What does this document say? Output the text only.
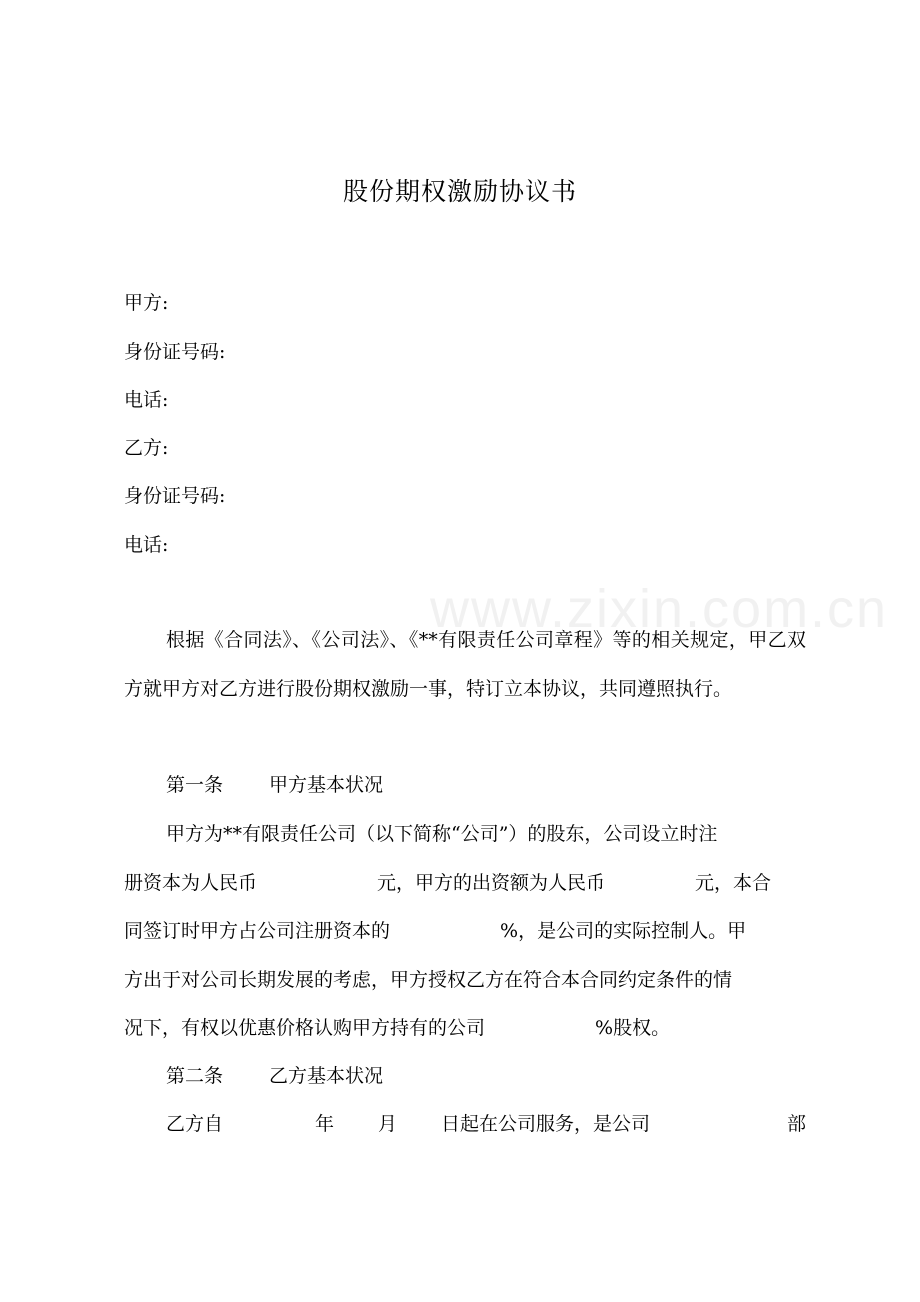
www.zixin.com.cn
股份期权激励协议书
甲方:
身份证号码:
电话:
乙方:
身份证号码:
电话:
根据《合同法》、《公司法》、《**有限责任公司章程》等的相关规定，甲乙双方就甲方对乙方进行股份期权激励一事，特订立本协议，共同遵照执行。
第一条 甲方基本状况
甲方为**有限责任公司（以下简称“公司”）的股东，公司设立时注
册资本为人民币	元，甲方的出资额为人民币	元，本合
同签订时甲方占公司注册资本的	%，是公司的实际控制人。甲
方出于对公司长期发展的考虑，甲方授权乙方在符合本合同约定条件的情
况下，有权以优惠价格认购甲方持有的公司	%股权。
第二条 乙方基本状况
乙方自	年 月 日起在公司服务，是公司	部
